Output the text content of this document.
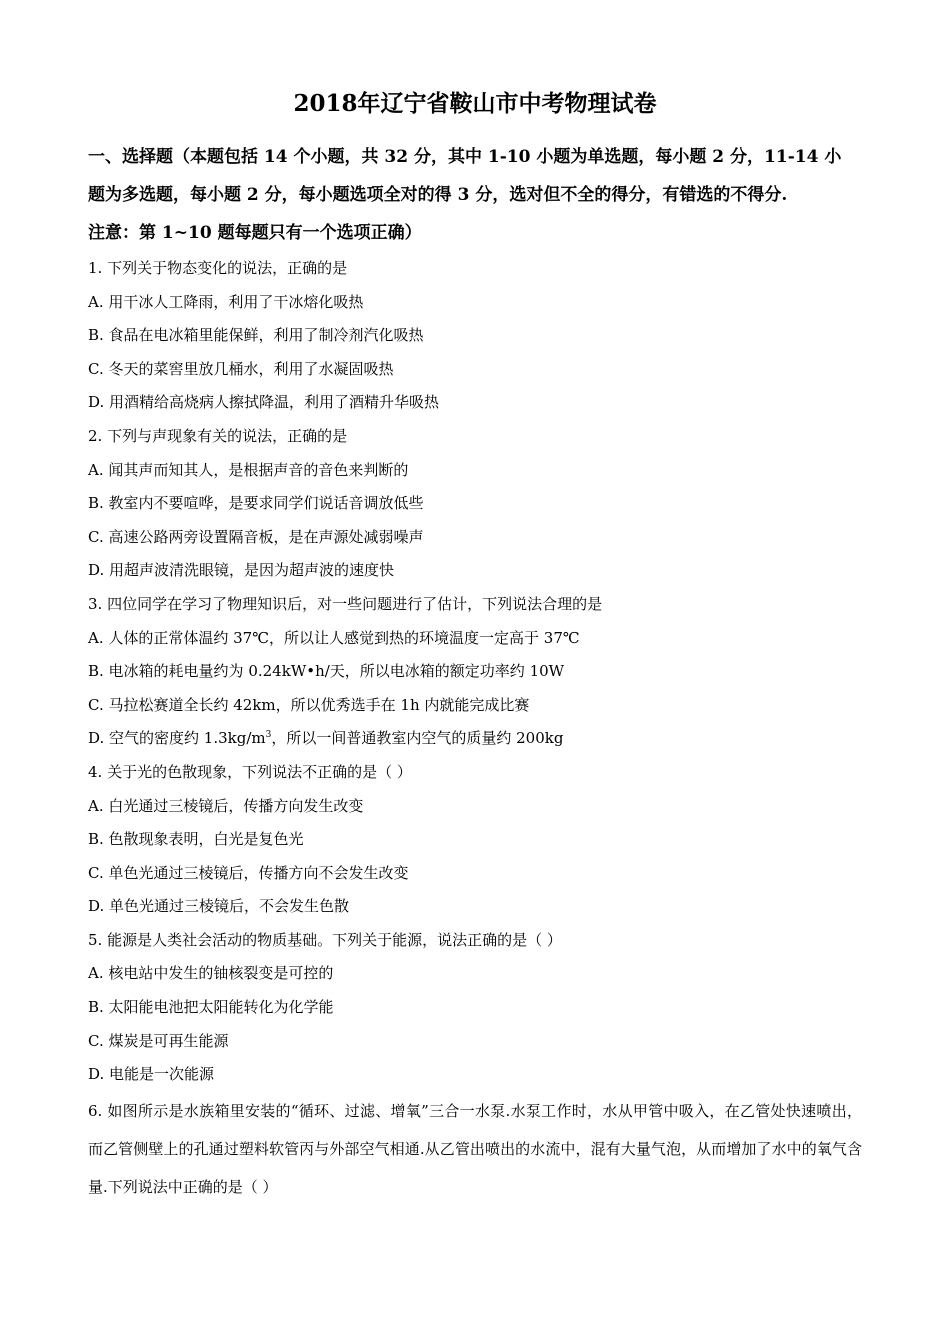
2018年辽宁省鞍山市中考物理试卷
一、选择题（本题包括 14 个小题，共 32 分，其中 1-10 小题为单选题，每小题 2 分，11-14 小
题为多选题，每小题 2 分，每小题选项全对的得 3 分，选对但不全的得分，有错选的不得分.
注意：第 1~10 题每题只有一个选项正确）

1. 下列关于物态变化的说法，正确的是

A. 用干冰人工降雨，利用了干冰熔化吸热

B. 食品在电冰箱里能保鲜，利用了制冷剂汽化吸热

C. 冬天的菜窖里放几桶水，利用了水凝固吸热

D. 用酒精给高烧病人擦拭降温，利用了酒精升华吸热

2. 下列与声现象有关的说法，正确的是

A. 闻其声而知其人，是根据声音的音色来判断的

B. 教室内不要喧哗，是要求同学们说话音调放低些

C. 高速公路两旁设置隔音板，是在声源处减弱噪声

D. 用超声波清洗眼镜，是因为超声波的速度快

3. 四位同学在学习了物理知识后，对一些问题进行了估计，下列说法合理的是

A. 人体的正常体温约 37℃，所以让人感觉到热的环境温度一定高于 37℃

B. 电冰箱的耗电量约为 0.24kW•h/天，所以电冰箱的额定功率约 10W

C. 马拉松赛道全长约 42km，所以优秀选手在 1h 内就能完成比赛

D. 空气的密度约 $1.3kg/m^3$，所以一间普通教室内空气的质量约 200kg

4. 关于光的色散现象，下列说法不正确的是（ ）

A. 白光通过三棱镜后，传播方向发生改变

B. 色散现象表明，白光是复色光

C. 单色光通过三棱镜后，传播方向不会发生改变

D. 单色光通过三棱镜后，不会发生色散

5. 能源是人类社会活动的物质基础。下列关于能源，说法正确的是（ ）

A. 核电站中发生的铀核裂变是可控的

B. 太阳能电池把太阳能转化为化学能

C. 煤炭是可再生能源

D. 电能是一次能源

6. 如图所示是水族箱里安装的“循环、过滤、增氧”三合一水泵.水泵工作时，水从甲管中吸入，在乙管处快速喷出，而乙管侧壁上的孔通过塑料软管丙与外部空气相通.从乙管出喷出的水流中，混有大量气泡，从而增加了水中的氧气含量.下列说法中正确的是（ ）
